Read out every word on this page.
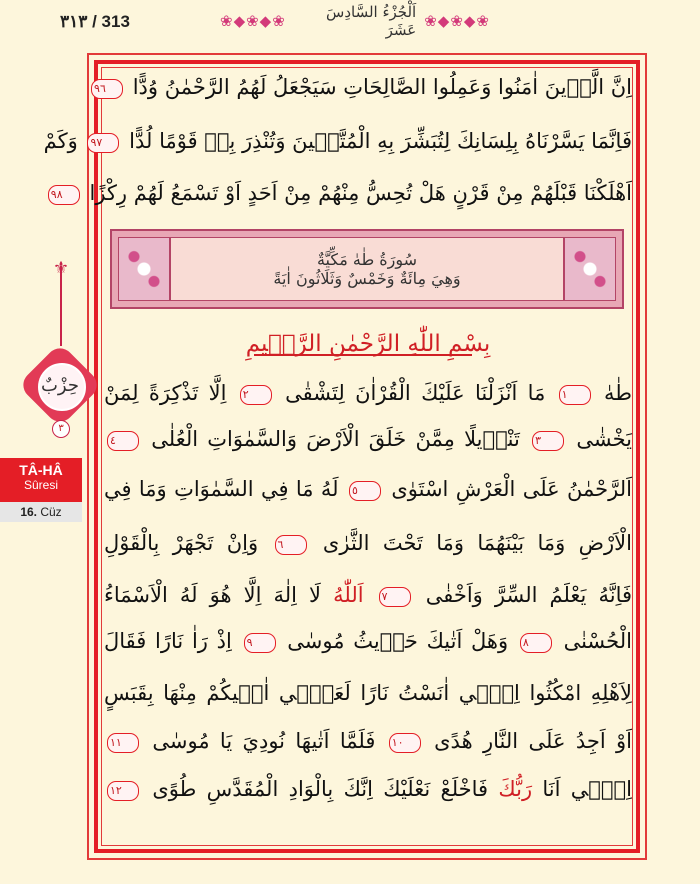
۳۱۳ / 313	❀◆❀◆❀	اَلْجُزْءُ السَّادِسَ عَشَرَ ❀◆❀◆❀
اِنَّ الَّذٖينَ اٰمَنُوا وَعَمِلُوا الصَّالِحَاتِ سَيَجْعَلُ لَهُمُ الرَّحْمٰنُ وُدًّا ٩٦
فَاِنَّمَا يَسَّرْنَاهُ بِلِسَانِكَ لِتُبَشِّرَ بِهِ الْمُتَّقٖينَ وَتُنْذِرَ بِهٖ قَوْمًا لُدًّا ٩٧ وَكَمْ
اَهْلَكْنَا قَبْلَهُمْ مِنْ قَرْنٍ هَلْ تُحِسُّ مِنْهُمْ مِنْ اَحَدٍ اَوْ تَسْمَعُ لَهُمْ رِكْزًا ٩٨
سُورَةُ طٰهٰ مَكِّيَّةٌ
وَهِيَ مِائَةٌ وَخَمْسٌ وَثَلَاثُونَ اٰيَةً
بِسْمِ اللّٰهِ الرَّحْمٰنِ الرَّحٖيمِ
طٰهٰ ١ مَا اَنْزَلْنَا عَلَيْكَ الْقُرْاٰنَ لِتَشْقٰى ٢ اِلَّا تَذْكِرَةً لِمَنْ
يَخْشٰى ٣ تَنْزٖيلًا مِمَّنْ خَلَقَ الْاَرْضَ وَالسَّمٰوَاتِ الْعُلٰى ٤
اَلرَّحْمٰنُ عَلَى الْعَرْشِ اسْتَوٰى ٥ لَهُ مَا فِي السَّمٰوَاتِ وَمَا فِي
الْاَرْضِ وَمَا بَيْنَهُمَا وَمَا تَحْتَ الثَّرٰى ٦ وَاِنْ تَجْهَرْ بِالْقَوْلِ
فَاِنَّهُ يَعْلَمُ السِّرَّ وَاَخْفٰى ٧ اَللّٰهُ لَا اِلٰهَ اِلَّا هُوَ لَهُ الْاَسْمَاءُ
الْحُسْنٰى ٨ وَهَلْ اَتٰيكَ حَدٖيثُ مُوسٰى ٩ اِذْ رَاٰ نَارًا فَقَالَ
لِاَهْلِهِ امْكُثُوا اِنّٖي اٰنَسْتُ نَارًا لَعَلّٖي اٰتٖيكُمْ مِنْهَا بِقَبَسٍ
اَوْ اَجِدُ عَلَى النَّارِ هُدًى ١٠ فَلَمَّا اَتٰيهَا نُودِيَ يَا مُوسٰى ١١
اِنّٖي اَنَا رَبُّكَ فَاخْلَعْ نَعْلَيْكَ اِنَّكَ بِالْوَادِ الْمُقَدَّسِ طُوًى ١٢
⚜
حِزْبٌ
٣
TÂ-HÂ
Sûresi
16. Cüz
